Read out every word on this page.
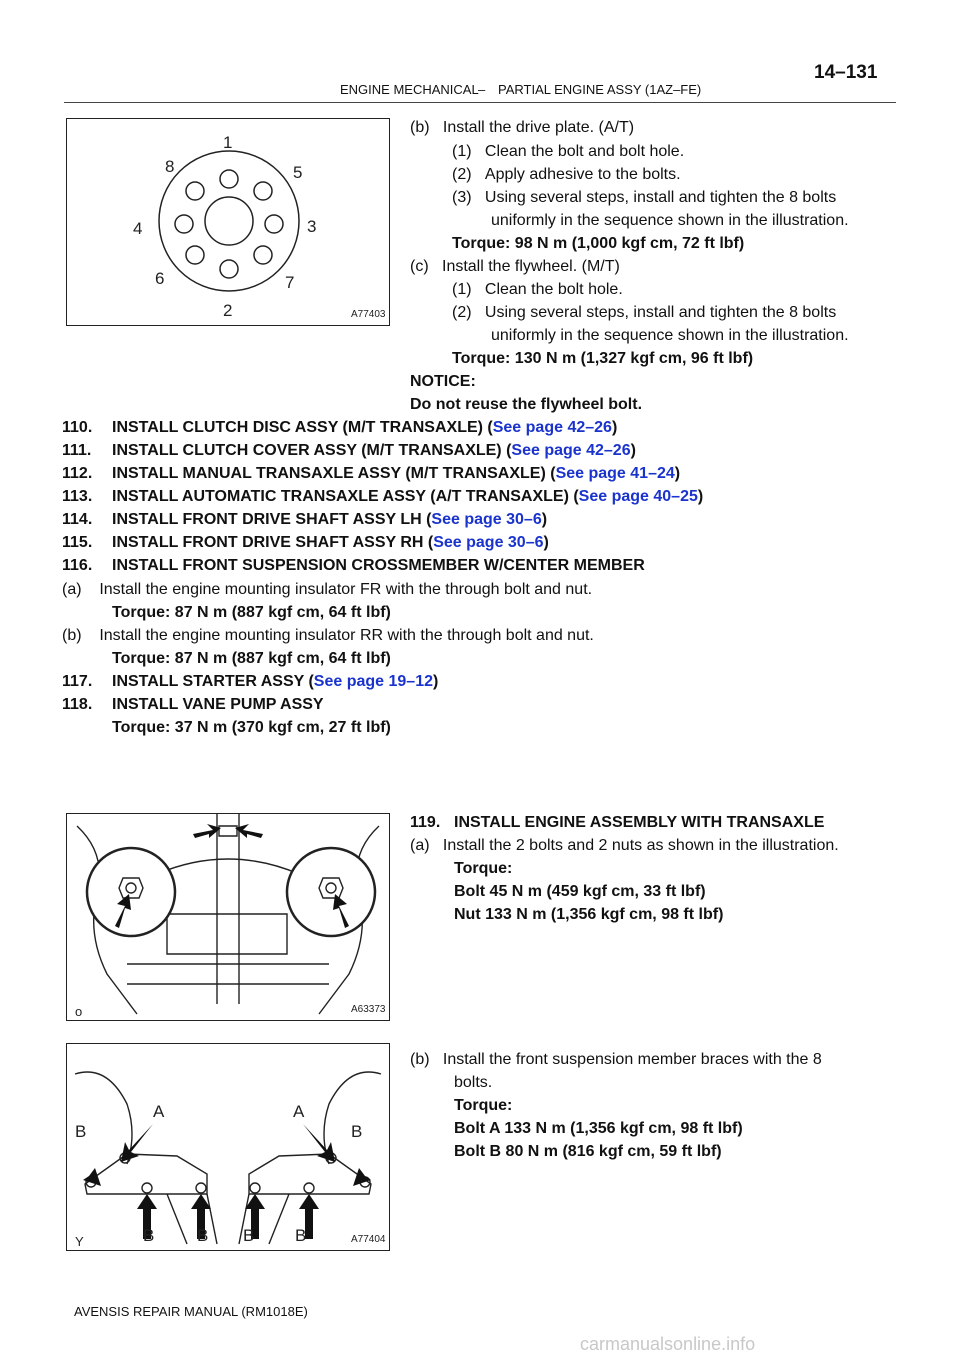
ENGINE MECHANICAL – PARTIAL ENGINE ASSY (1AZ–FE)
14–131
1
5
3
7
2
6
4
8
A77403
(b)   Install the drive plate. (A/T)
(1)   Clean the bolt and bolt hole.
(2)   Apply adhesive to the bolts.
(3)   Using several steps, install and tighten the 8 bolts
uniformly in the sequence shown in the illustration.
Torque: 98 N m (1,000 kgf cm, 72 ft lbf)
(c)   Install the flywheel. (M/T)
(1)   Clean the bolt hole.
(2)   Using several steps, install and tighten the 8 bolts
uniformly in the sequence shown in the illustration.
Torque: 130 N m (1,327 kgf cm, 96 ft lbf)
NOTICE:
Do not reuse the flywheel bolt.
110. INSTALL CLUTCH DISC ASSY (M/T TRANSAXLE) (See page 42–26)
111. INSTALL CLUTCH COVER ASSY (M/T TRANSAXLE) (See page 42–26)
112. INSTALL MANUAL TRANSAXLE ASSY (M/T TRANSAXLE) (See page 41–24)
113. INSTALL AUTOMATIC TRANSAXLE ASSY (A/T TRANSAXLE) (See page 40–25)
114. INSTALL FRONT DRIVE SHAFT ASSY LH (See page 30–6)
115. INSTALL FRONT DRIVE SHAFT ASSY RH (See page 30–6)
116. INSTALL FRONT SUSPENSION CROSSMEMBER W/CENTER MEMBER
(a)    Install the engine mounting insulator FR with the through bolt and nut.
Torque: 87 N m (887 kgf cm, 64 ft lbf)
(b)    Install the engine mounting insulator RR with the through bolt and nut.
Torque: 87 N m (887 kgf cm, 64 ft lbf)
117. INSTALL STARTER ASSY (See page 19–12)
118. INSTALL VANE PUMP ASSY
Torque: 37 N m (370 kgf cm, 27 ft lbf)
o	A63373
119. INSTALL ENGINE ASSEMBLY WITH TRANSAXLE
(a)   Install the 2 bolts and 2 nuts as shown in the illustration.
Torque:
Bolt 45 N m (459 kgf cm, 33 ft lbf)
Nut 133 N m (1,356 kgf cm, 98 ft lbf)
(b)   Install the front suspension member braces with the 8
bolts.
Torque:
Bolt A 133 N m (1,356 kgf cm, 98 ft lbf)
Bolt B 80 N m (816 kgf cm, 59 ft lbf)
A	A
B	B
B	B B B
Y	A77404
AVENSIS REPAIR MANUAL (RM1018E)
carmanualsonline.info
